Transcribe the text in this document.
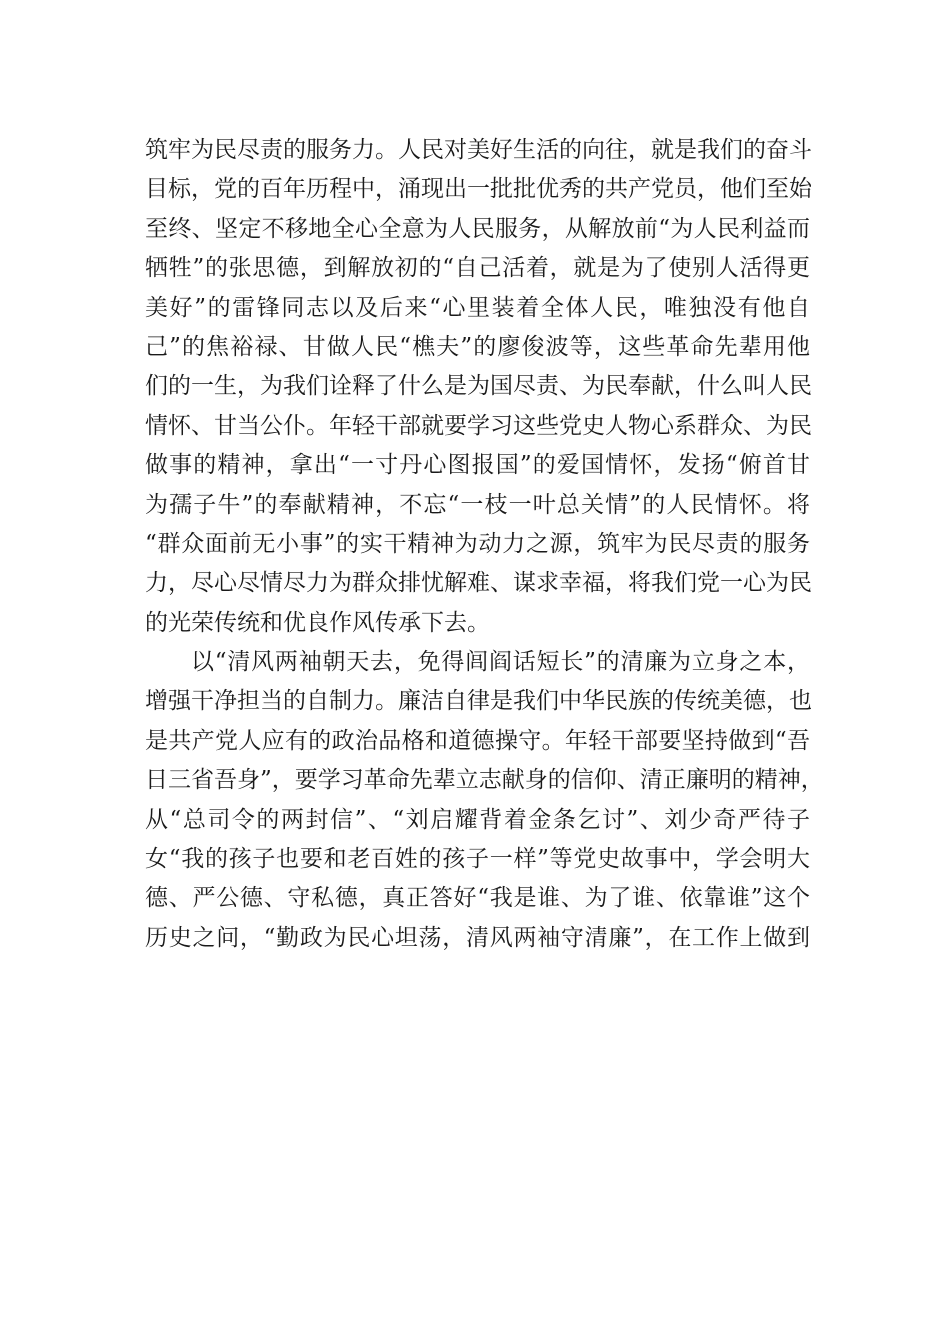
筑牢为民尽责的服务力。人民对美好生活的向往，就是我们的奋斗
目标，党的百年历程中，涌现出一批批优秀的共产党员，他们至始
至终、坚定不移地全心全意为人民服务，从解放前“为人民利益而
牺牲”的张思德，到解放初的“自己活着，就是为了使别人活得更
美好”的雷锋同志以及后来“心里装着全体人民，唯独没有他自
己”的焦裕禄、甘做人民“樵夫”的廖俊波等，这些革命先辈用他
们的一生，为我们诠释了什么是为国尽责、为民奉献，什么叫人民
情怀、甘当公仆。年轻干部就要学习这些党史人物心系群众、为民
做事的精神，拿出“一寸丹心图报国”的爱国情怀，发扬“俯首甘
为孺子牛”的奉献精神，不忘“一枝一叶总关情”的人民情怀。将
“群众面前无小事”的实干精神为动力之源，筑牢为民尽责的服务
力，尽心尽情尽力为群众排忧解难、谋求幸福，将我们党一心为民
的光荣传统和优良作风传承下去。
以“清风两袖朝天去，免得闾阎话短长”的清廉为立身之本，
增强干净担当的自制力。廉洁自律是我们中华民族的传统美德，也
是共产党人应有的政治品格和道德操守。年轻干部要坚持做到“吾
日三省吾身”，要学习革命先辈立志献身的信仰、清正廉明的精神，
从“总司令的两封信”、“刘启耀背着金条乞讨”、刘少奇严待子
女“我的孩子也要和老百姓的孩子一样”等党史故事中，学会明大
德、严公德、守私德，真正答好“我是谁、为了谁、依靠谁”这个
历史之问，“勤政为民心坦荡，清风两袖守清廉”，在工作上做到
